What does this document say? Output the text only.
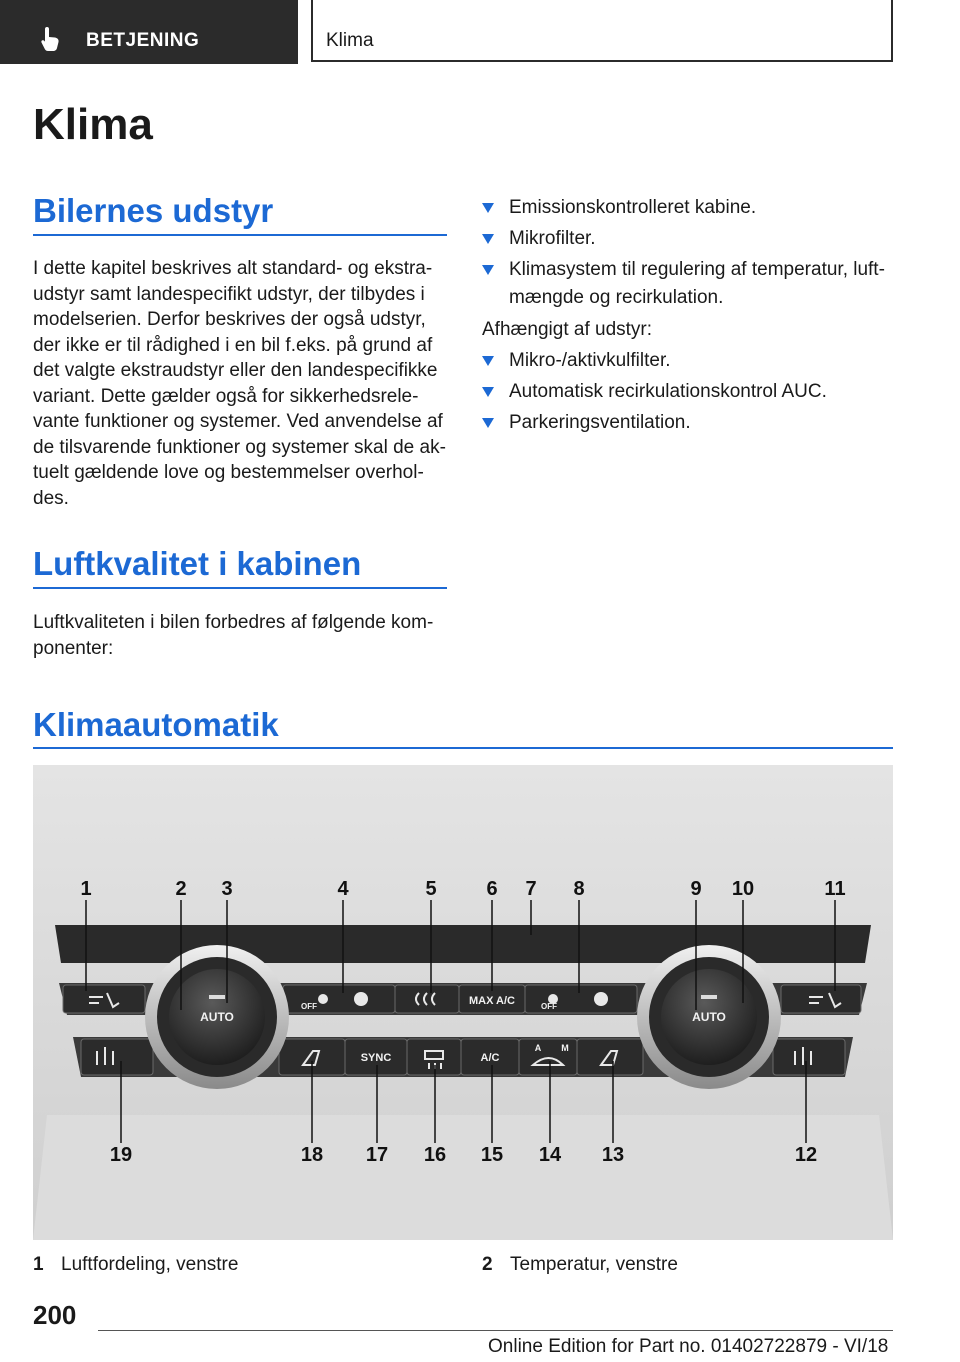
BETJENING	Klima
Klima
Bilernes udstyr
I dette kapitel beskrives alt standard- og ekstra-
udstyr samt landespecifikt udstyr, der tilbydes i
modelserien. Derfor beskrives der også udstyr,
der ikke er til rådighed i en bil f.eks. på grund af
det valgte ekstraudstyr eller den landespecifikke
variant. Dette gælder også for sikkerhedsrele-
vante funktioner og systemer. Ved anvendelse af
de tilsvarende funktioner og systemer skal de ak-
tuelt gældende love og bestemmelser overhol-
des.
Luftkvalitet i kabinen
Luftkvaliteten i bilen forbedres af følgende kom-
ponenter:
Emissionskontrolleret kabine.
Mikrofilter.
Klimasystem til regulering af temperatur, luft-
mængde og recirkulation.
Afhængigt af udstyr:
Mikro-/aktivkulfilter.
Automatisk recirkulationskontrol AUC.
Parkeringsventilation.
Klimaautomatik
AUTO	AUTO
OFF	OFF
MAX A/C
SYNC	A/C
A M
1	2 3	4	5 6 7 8	9 10	11
19	18 17 16 15 14 13	12
1 Luftfordeling, venstre	2 Temperatur, venstre
200
Online Edition for Part no. 01402722879 - VI/18
